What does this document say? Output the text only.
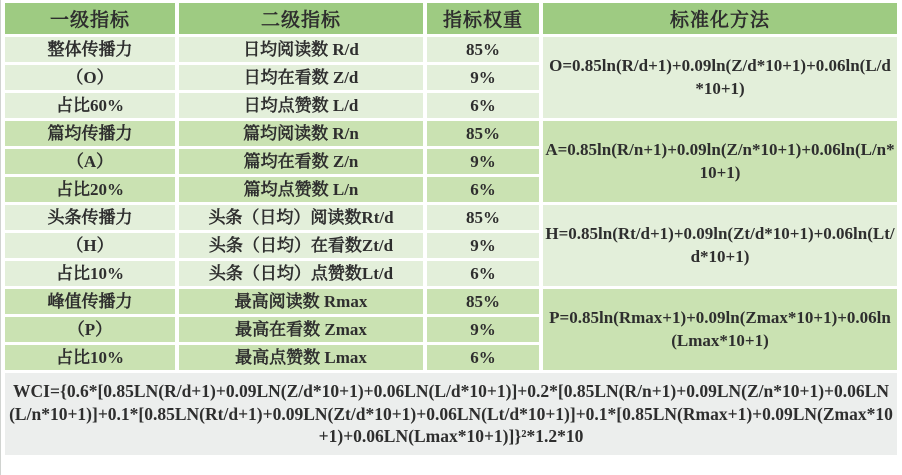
一级指标	二级指标	指标权重	标准化方法
整体传播力	日均阅读数 R/d	85%	O=0.85ln(R/d+1)+0.09ln(Z/d*10+1)+0.06ln(L/d*10+1)
（O）	日均在看数 Z/d	9%	
占比60%	日均点赞数 L/d	6%	
篇均传播力	篇均阅读数 R/n	85%	A=0.85ln(R/n+1)+0.09ln(Z/n*10+1)+0.06ln(L/n*10+1)
（A）	篇均在看数 Z/n	9%	
占比20%	篇均点赞数 L/n	6%	
头条传播力	头条（日均）阅读数Rt/d	85%	H=0.85ln(Rt/d+1)+0.09ln(Zt/d*10+1)+0.06ln(Lt/d*10+1)
（H）	头条（日均）在看数Zt/d	9%	
占比10%	头条（日均）点赞数Lt/d	6%	
峰值传播力	最高阅读数 Rmax	85%	P=0.85ln(Rmax+1)+0.09ln(Zmax*10+1)+0.06ln(Lmax*10+1)
（P）	最高在看数 Zmax	9%	
占比10%	最高点赞数 Lmax	6%	
WCI={0.6*[0.85LN(R/d+1)+0.09LN(Z/d*10+1)+0.06LN(L/d*10+1)]+0.2*[0.85LN(R/n+1)+0.09LN(Z/n*10+1)+0.06LN(L/n*10+1)]+0.1*[0.85LN(Rt/d+1)+0.09LN(Zt/d*10+1)+0.06LN(Lt/d*10+1)]+0.1*[0.85LN(Rmax+1)+0.09LN(Zmax*10+1)+0.06LN(Lmax*10+1)]}²*1.2*10			
